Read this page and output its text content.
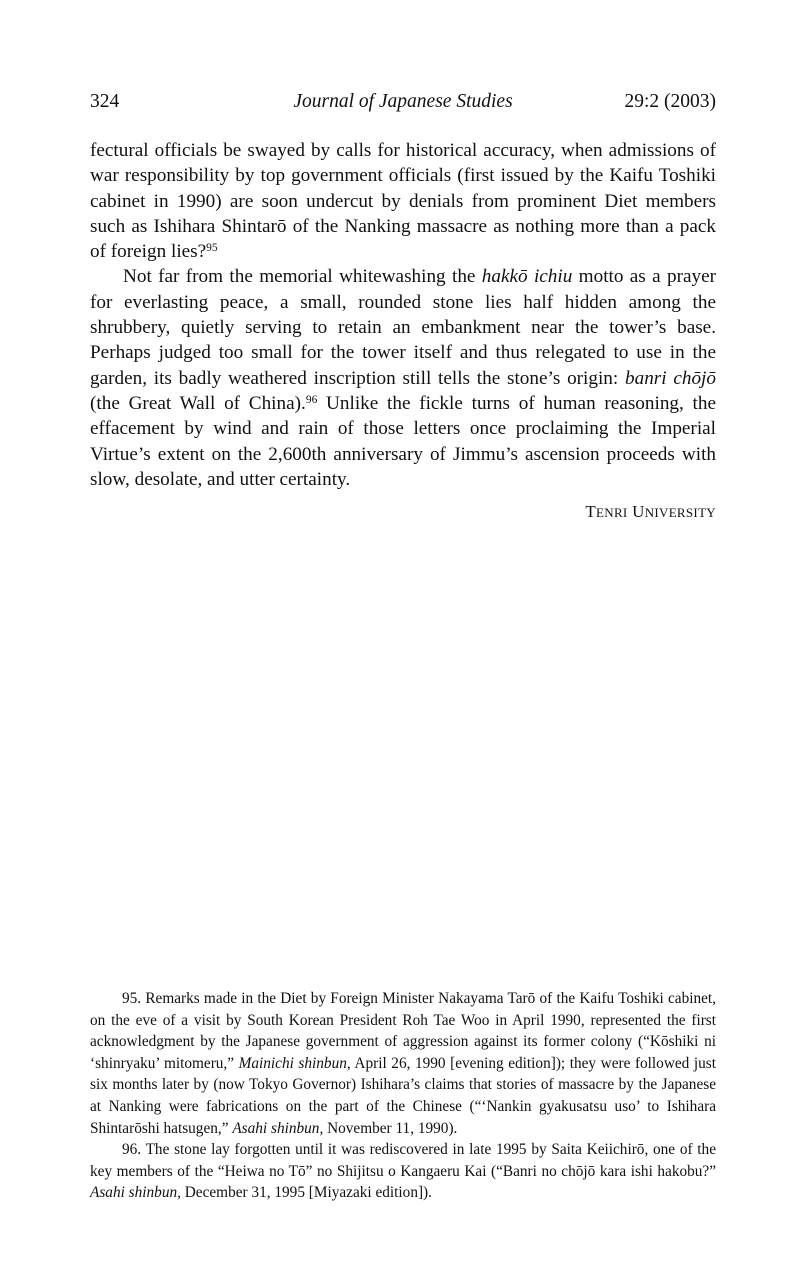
324	Journal of Japanese Studies	29:2 (2003)

fectural officials be swayed by calls for historical accuracy, when admissions of war responsibility by top government officials (first issued by the Kaifu Toshiki cabinet in 1990) are soon undercut by denials from prominent Diet members such as Ishihara Shintarō of the Nanking massacre as nothing more than a pack of foreign lies?$^{95}$

Not far from the memorial whitewashing the hakkō ichiu motto as a prayer for everlasting peace, a small, rounded stone lies half hidden among the shrubbery, quietly serving to retain an embankment near the tower’s base. Perhaps judged too small for the tower itself and thus relegated to use in the garden, its badly weathered inscription still tells the stone’s origin: banri chōjō (the Great Wall of China).$^{96}$ Unlike the fickle turns of human reasoning, the effacement by wind and rain of those letters once proclaiming the Imperial Virtue’s extent on the 2,600th anniversary of Jimmu’s ascension proceeds with slow, desolate, and utter certainty.

TENRI UNIVERSITY

95. Remarks made in the Diet by Foreign Minister Nakayama Tarō of the Kaifu Toshiki cabinet, on the eve of a visit by South Korean President Roh Tae Woo in April 1990, represented the first acknowledgment by the Japanese government of aggression against its former colony (“Kōshiki ni ‘shinryaku’ mitomeru,” Mainichi shinbun, April 26, 1990 [evening edition]); they were followed just six months later by (now Tokyo Governor) Ishihara’s claims that stories of massacre by the Japanese at Nanking were fabrications on the part of the Chinese (“‘Nankin gyakusatsu uso’ to Ishihara Shintarōshi hatsugen,” Asahi shinbun, November 11, 1990).

96. The stone lay forgotten until it was rediscovered in late 1995 by Saita Keiichirō, one of the key members of the “Heiwa no Tō” no Shijitsu o Kangaeru Kai (“Banri no chōjō kara ishi hakobu?” Asahi shinbun, December 31, 1995 [Miyazaki edition]).
